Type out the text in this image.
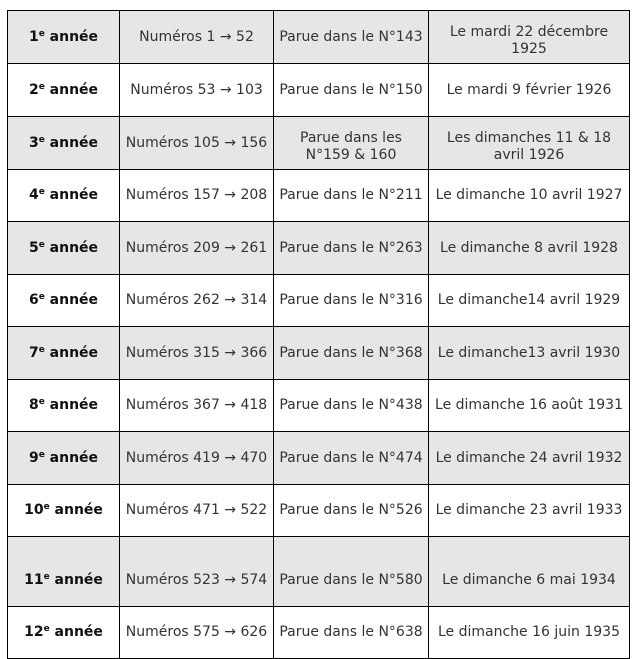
1e année	Numéros 1 → 52	Parue dans le N°143	Le mardi 22 décembre 1925
2e année	Numéros 53 → 103	Parue dans le N°150	Le mardi 9 février 1926
3e année	Numéros 105 → 156	Parue dans les N°159 & 160	Les dimanches 11 & 18 avril 1926
4e année	Numéros 157 → 208	Parue dans le N°211	Le dimanche 10 avril 1927
5e année	Numéros 209 → 261	Parue dans le N°263	Le dimanche 8 avril 1928
6e année	Numéros 262 → 314	Parue dans le N°316	Le dimanche14 avril 1929
7e année	Numéros 315 → 366	Parue dans le N°368	Le dimanche13 avril 1930
8e année	Numéros 367 → 418	Parue dans le N°438	Le dimanche 16 août 1931
9e année	Numéros 419 → 470	Parue dans le N°474	Le dimanche 24 avril 1932
10e année	Numéros 471 → 522	Parue dans le N°526	Le dimanche 23 avril 1933
11e année	Numéros 523 → 574	Parue dans le N°580	Le dimanche 6 mai 1934
12e année	Numéros 575 → 626	Parue dans le N°638	Le dimanche 16 juin 1935
